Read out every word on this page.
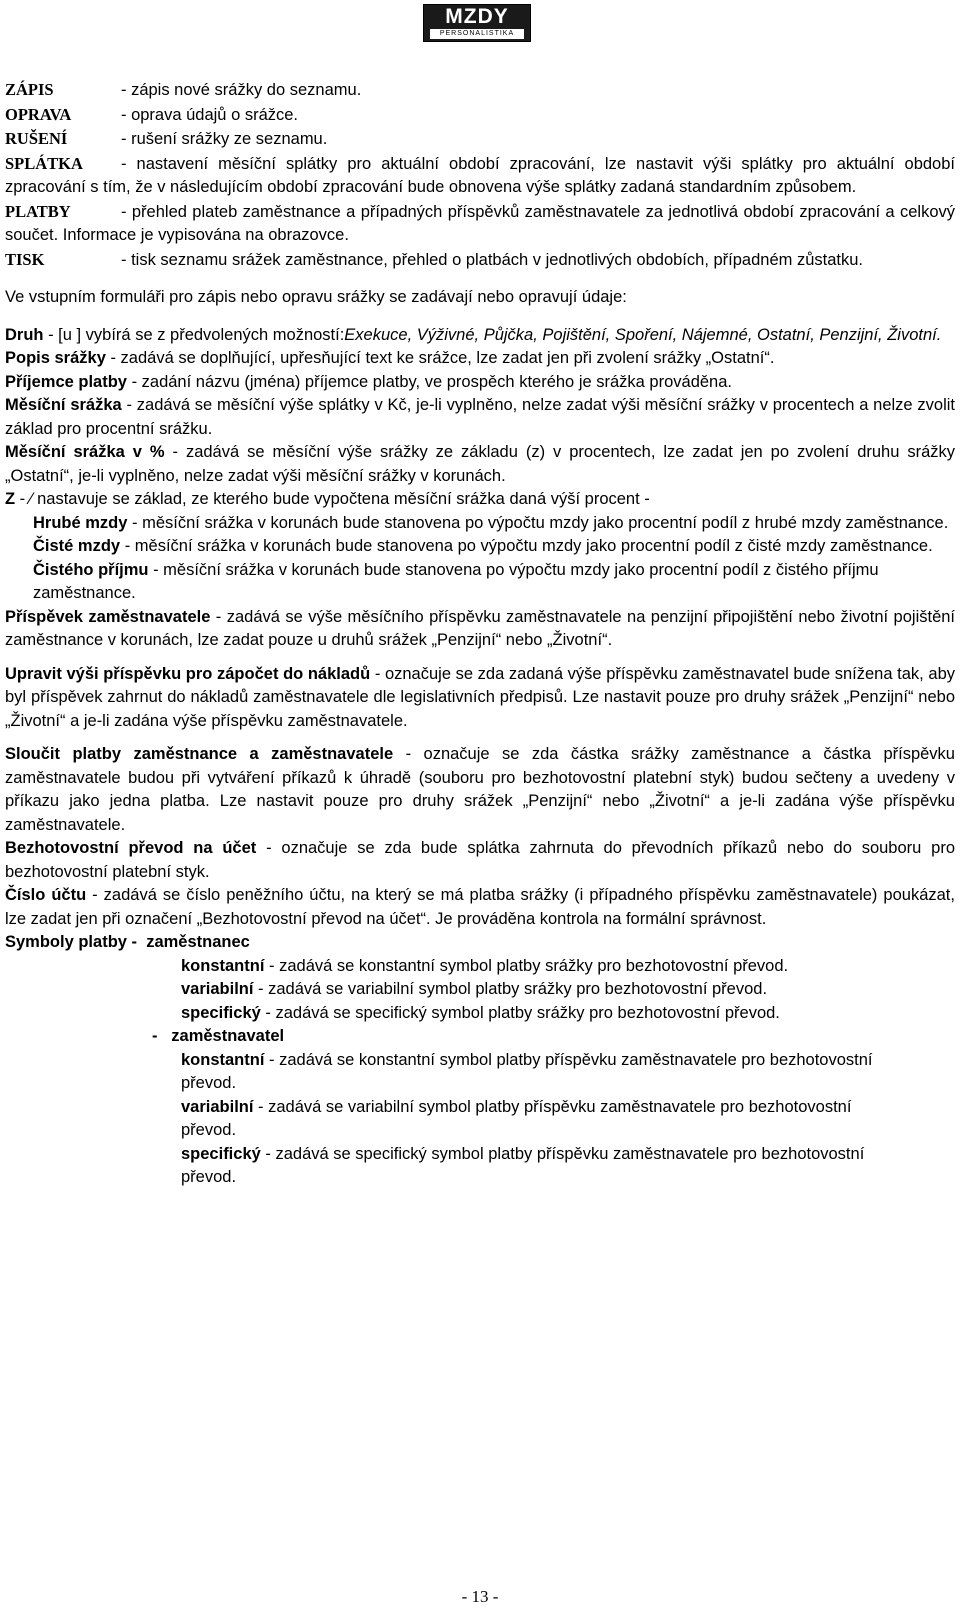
MZDY
PERSONALISTIKA
ZÁPIS	- zápis nové srážky do seznamu.
OPRAVA	- oprava údajů o srážce.
RUŠENÍ	- rušení srážky ze seznamu.
SPLÁTKA - nastavení měsíční splátky pro aktuální období zpracování, lze nastavit výši splátky pro aktuální období zpracování s tím, že v následujícím období zpracování bude obnovena výše splátky zadaná standardním způsobem.
PLATBY	- přehled plateb zaměstnance a případných příspěvků zaměstnavatele za jednotlivá období zpracování a celkový součet. Informace je vypisována na obrazovce.
TISK	- tisk seznamu srážek zaměstnance, přehled o platbách v jednotlivých obdobích, případném zůstatku.
Ve vstupním formuláři pro zápis nebo opravu srážky se zadávají nebo opravují údaje:
Druh - [u ] vybírá se z předvolených možností:Exekuce, Výživné, Půjčka, Pojištění, Spoření, Nájemné, Ostatní, Penzijní, Životní.
Popis srážky - zadává se doplňující, upřesňující text ke srážce, lze zadat jen při zvolení srážky „Ostatní“.
Příjemce platby - zadání názvu (jména) příjemce platby, ve prospěch kterého je srážka prováděna.
Měsíční srážka - zadává se měsíční výše splátky v Kč, je-li vyplněno, nelze zadat výši měsíční srážky v procentech a nelze zvolit základ pro procentní srážku.
Měsíční srážka v % - zadává se měsíční výše srážky ze základu (z) v procentech, lze zadat jen po zvolení druhu srážky „Ostatní“, je-li vyplněno, nelze zadat výši měsíční srážky v korunách.
Z - ⁄ nastavuje se základ, ze kterého bude vypočtena měsíční srážka daná výší procent -
Hrubé mzdy - měsíční srážka v korunách bude stanovena po výpočtu mzdy jako procentní podíl z hrubé mzdy zaměstnance.
Čisté mzdy - měsíční srážka v korunách bude stanovena po výpočtu mzdy jako procentní podíl z čisté mzdy zaměstnance.
Čistého příjmu - měsíční srážka v korunách bude stanovena po výpočtu mzdy jako procentní podíl z čistého příjmu zaměstnance.
Příspěvek zaměstnavatele - zadává se výše měsíčního příspěvku zaměstnavatele na penzijní připojištění nebo životní pojištění zaměstnance v korunách, lze zadat pouze u druhů srážek „Penzijní“ nebo „Životní“.
Upravit výši příspěvku pro zápočet do nákladů - označuje se zda zadaná výše příspěvku zaměstnavatel bude snížena tak, aby byl příspěvek zahrnut do nákladů zaměstnavatele dle legislativních předpisů. Lze nastavit pouze pro druhy srážek „Penzijní“ nebo „Životní“ a je-li zadána výše příspěvku zaměstnavatele.
Sloučit platby zaměstnance a zaměstnavatele - označuje se zda částka srážky zaměstnance a částka příspěvku zaměstnavatele budou při vytváření příkazů k úhradě (souboru pro bezhotovostní platební styk) budou sečteny a uvedeny v příkazu jako jedna platba. Lze nastavit pouze pro druhy srážek „Penzijní“ nebo „Životní“ a je-li zadána výše příspěvku zaměstnavatele.
Bezhotovostní převod na účet - označuje se zda bude splátka zahrnuta do převodních příkazů nebo do souboru pro bezhotovostní platební styk.
Číslo účtu - zadává se číslo peněžního účtu, na který se má platba srážky (i případného příspěvku zaměstnavatele) poukázat, lze zadat jen při označení „Bezhotovostní převod na účet“. Je prováděna kontrola na formální správnost.
Symboly platby - zaměstnanec
konstantní - zadává se konstantní symbol platby srážky pro bezhotovostní převod.
variabilní - zadává se variabilní symbol platby srážky pro bezhotovostní převod.
specifický - zadává se specifický symbol platby srážky pro bezhotovostní převod.
- zaměstnavatel
konstantní - zadává se konstantní symbol platby příspěvku zaměstnavatele pro bezhotovostní převod.
variabilní - zadává se variabilní symbol platby příspěvku zaměstnavatele pro bezhotovostní převod.
specifický - zadává se specifický symbol platby příspěvku zaměstnavatele pro bezhotovostní převod.
- 13 -
